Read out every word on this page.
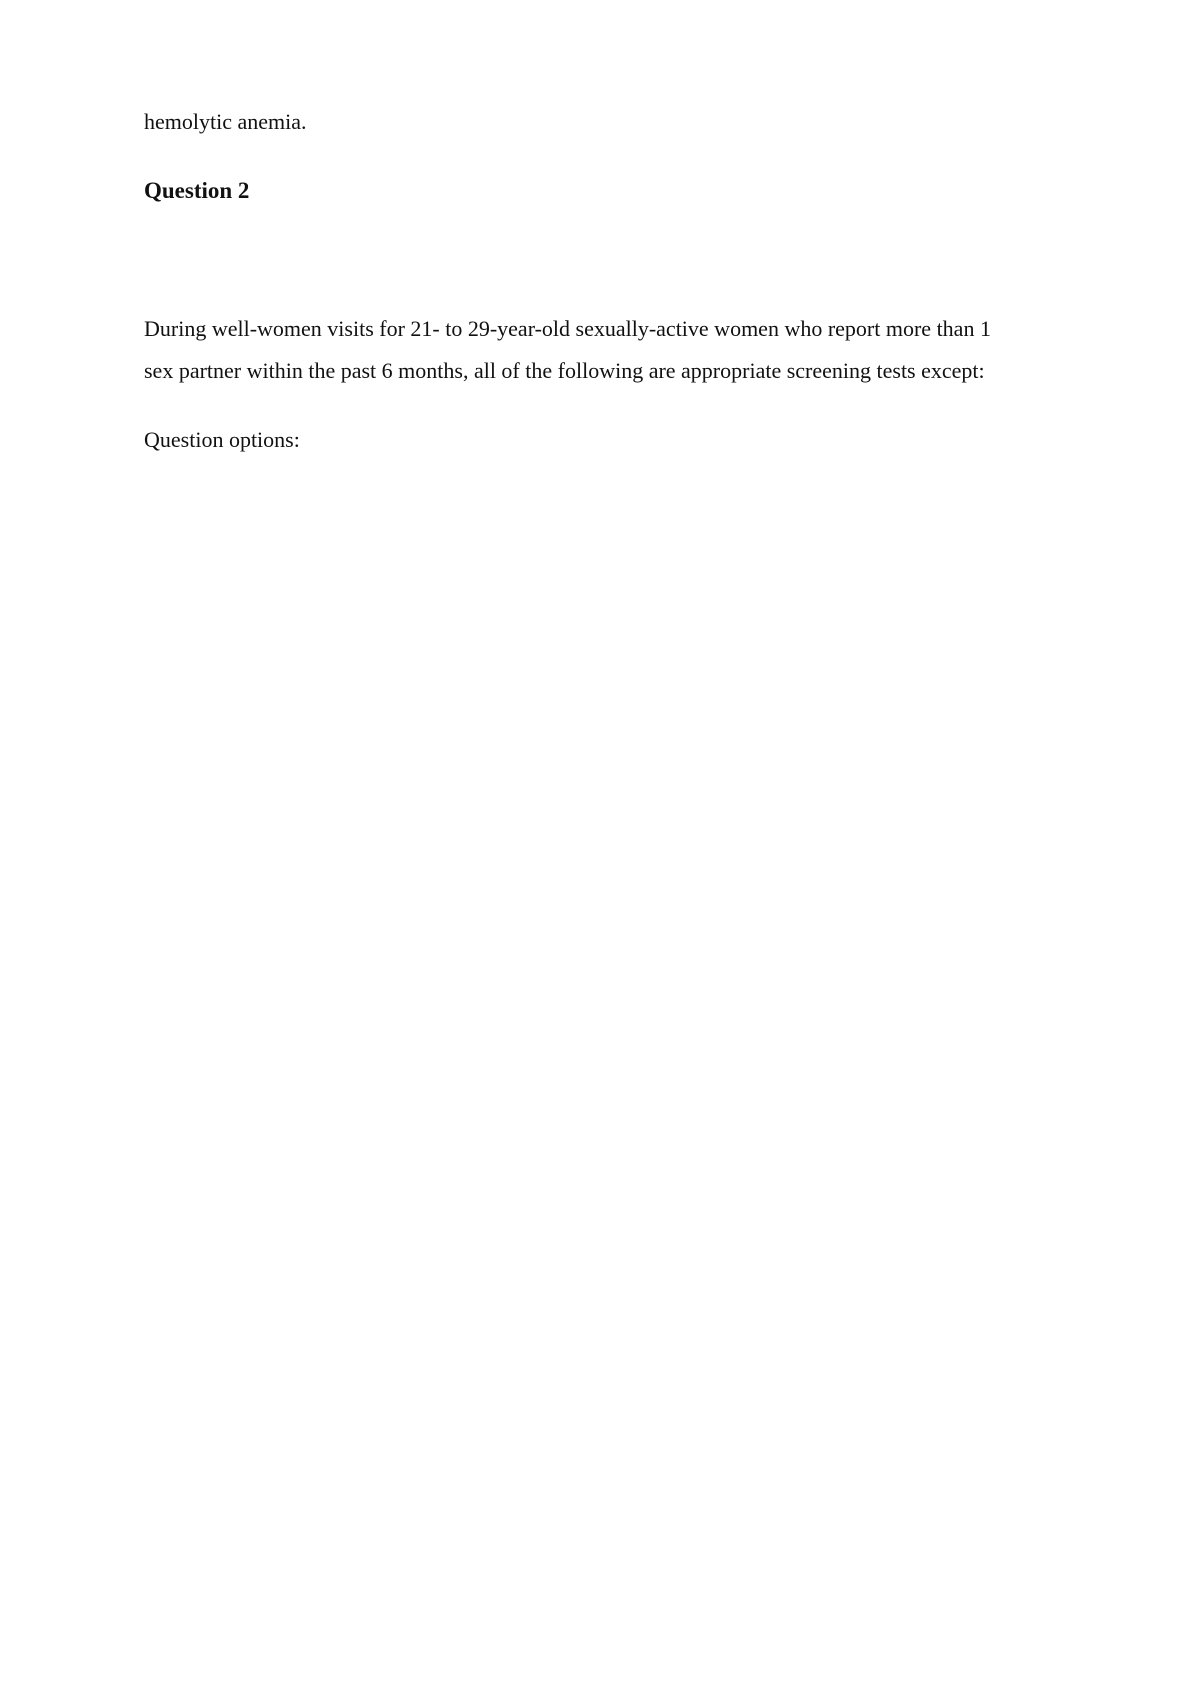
hemolytic anemia.

Question 2

During well-women visits for 21- to 29-year-old sexually-active women who report more than 1

sex partner within the past 6 months, all of the following are appropriate screening tests except:

Question options:
